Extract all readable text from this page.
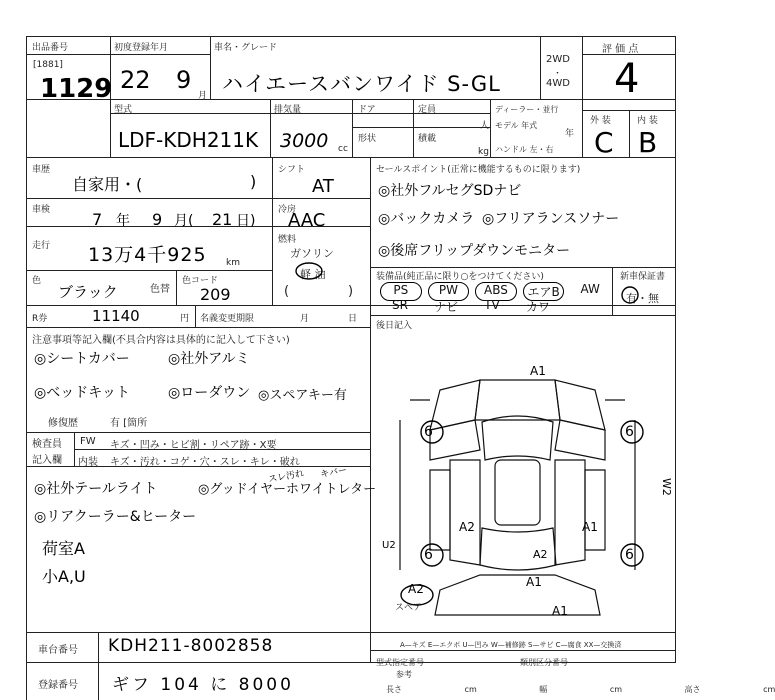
出品番号
[1881]
1129
初度登録年月
22 9
月
車名・グレード
ハイエースバンワイド S-GL
2WD
・
4WD
評 価 点
4
型式
LDF-KDH211K
排気量
3000 cc
ドア
形状
定員
人
積載
kg
ディーラー・並行
モデル 年式
年
ハンドル 左・右
外 装	内 装
C B
車歴
自家用・(	)
車検	7 年 9 月( 21 日)
走行 13万4千925 km
色
ブラック	色替
色コード
209
シフト
AT
冷房
AAC
燃料
ガソリン
軽 油
(	)
セールスポイント(正常に機能するものに限ります)
◎社外フルセグSDナビ
◎バックカメラ ◎フリアランスソナー
◎後席フリップダウンモニター
装備品(純正品に限り○をつけてください)	新車保証書
PS	PW	ABS	エアB	AW
SR	ナビ	TV	カワ
有・無
R券	11140	円 名義変更期限	月	日
後日記入
注意事項等記入欄(不具合内容は具体的に記入して下さい)
◎シートカバー	◎社外アルミ
◎ベッドキット	◎ローダウン ◎スペアキー有
修復歴	有 [箇所
検査員 記入欄
FW キズ・凹み・ヒビ割・リペア跡・X要
内装 キズ・汚れ・コゲ・穴・スレ・キレ・破れ
スレ汚れ キバー
◎社外テールライト	◎グッドイヤーホワイトレター
◎リアクーラー&ヒーター
荷室A
小A,U
A1
6	6
6	6
A2	A1
U2
A2	A1
スペア	A1
A2
W2
A—キズ E—エクボ U—凹み W—補修跡 S—サビ C—腐食 XX—交換済
型式指定番号	類別区分番号
参考
長さ cm 幅 cm 高さ cm
車台番号 KDH211-8002858
登録番号 ギフ 104 に 8000
